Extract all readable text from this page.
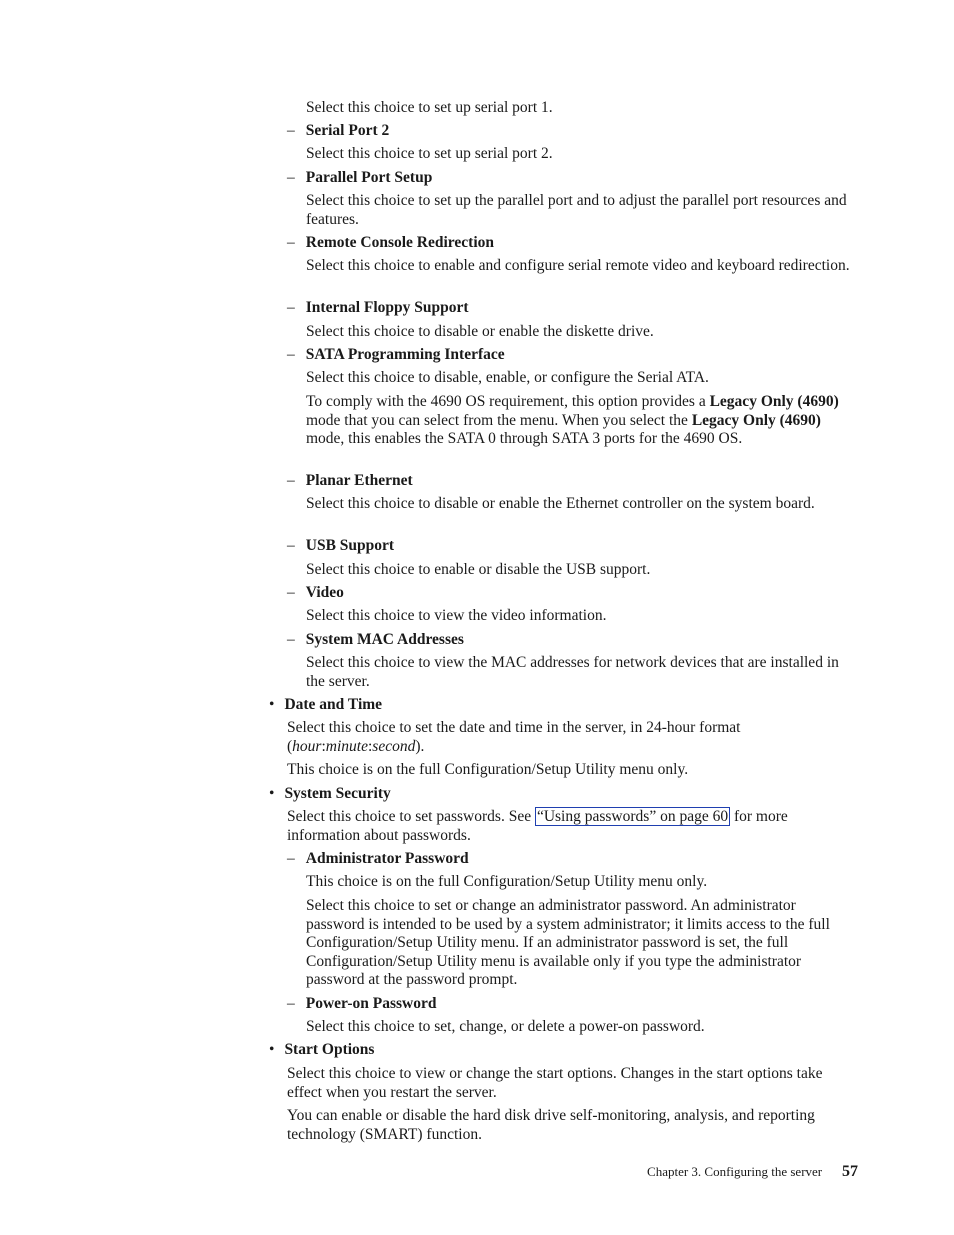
Select this choice to set up serial port 1.
– Serial Port 2
Select this choice to set up serial port 2.
– Parallel Port Setup
Select this choice to set up the parallel port and to adjust the parallel port resources and features.
– Remote Console Redirection
Select this choice to enable and configure serial remote video and keyboard redirection.
– Internal Floppy Support
Select this choice to disable or enable the diskette drive.
– SATA Programming Interface
Select this choice to disable, enable, or configure the Serial ATA.
To comply with the 4690 OS requirement, this option provides a Legacy Only (4690) mode that you can select from the menu. When you select the Legacy Only (4690) mode, this enables the SATA 0 through SATA 3 ports for the 4690 OS.
– Planar Ethernet
Select this choice to disable or enable the Ethernet controller on the system board.
– USB Support
Select this choice to enable or disable the USB support.
– Video
Select this choice to view the video information.
– System MAC Addresses
Select this choice to view the MAC addresses for network devices that are installed in the server.
• Date and Time
Select this choice to set the date and time in the server, in 24-hour format (hour:minute:second).
This choice is on the full Configuration/Setup Utility menu only.
• System Security
Select this choice to set passwords. See “Using passwords” on page 60 for more information about passwords.
– Administrator Password
This choice is on the full Configuration/Setup Utility menu only.
Select this choice to set or change an administrator password. An administrator password is intended to be used by a system administrator; it limits access to the full Configuration/Setup Utility menu. If an administrator password is set, the full Configuration/Setup Utility menu is available only if you type the administrator password at the password prompt.
– Power-on Password
Select this choice to set, change, or delete a power-on password.
• Start Options
Select this choice to view or change the start options. Changes in the start options take effect when you restart the server.
You can enable or disable the hard disk drive self-monitoring, analysis, and reporting technology (SMART) function.
Chapter 3. Configuring the server 57
